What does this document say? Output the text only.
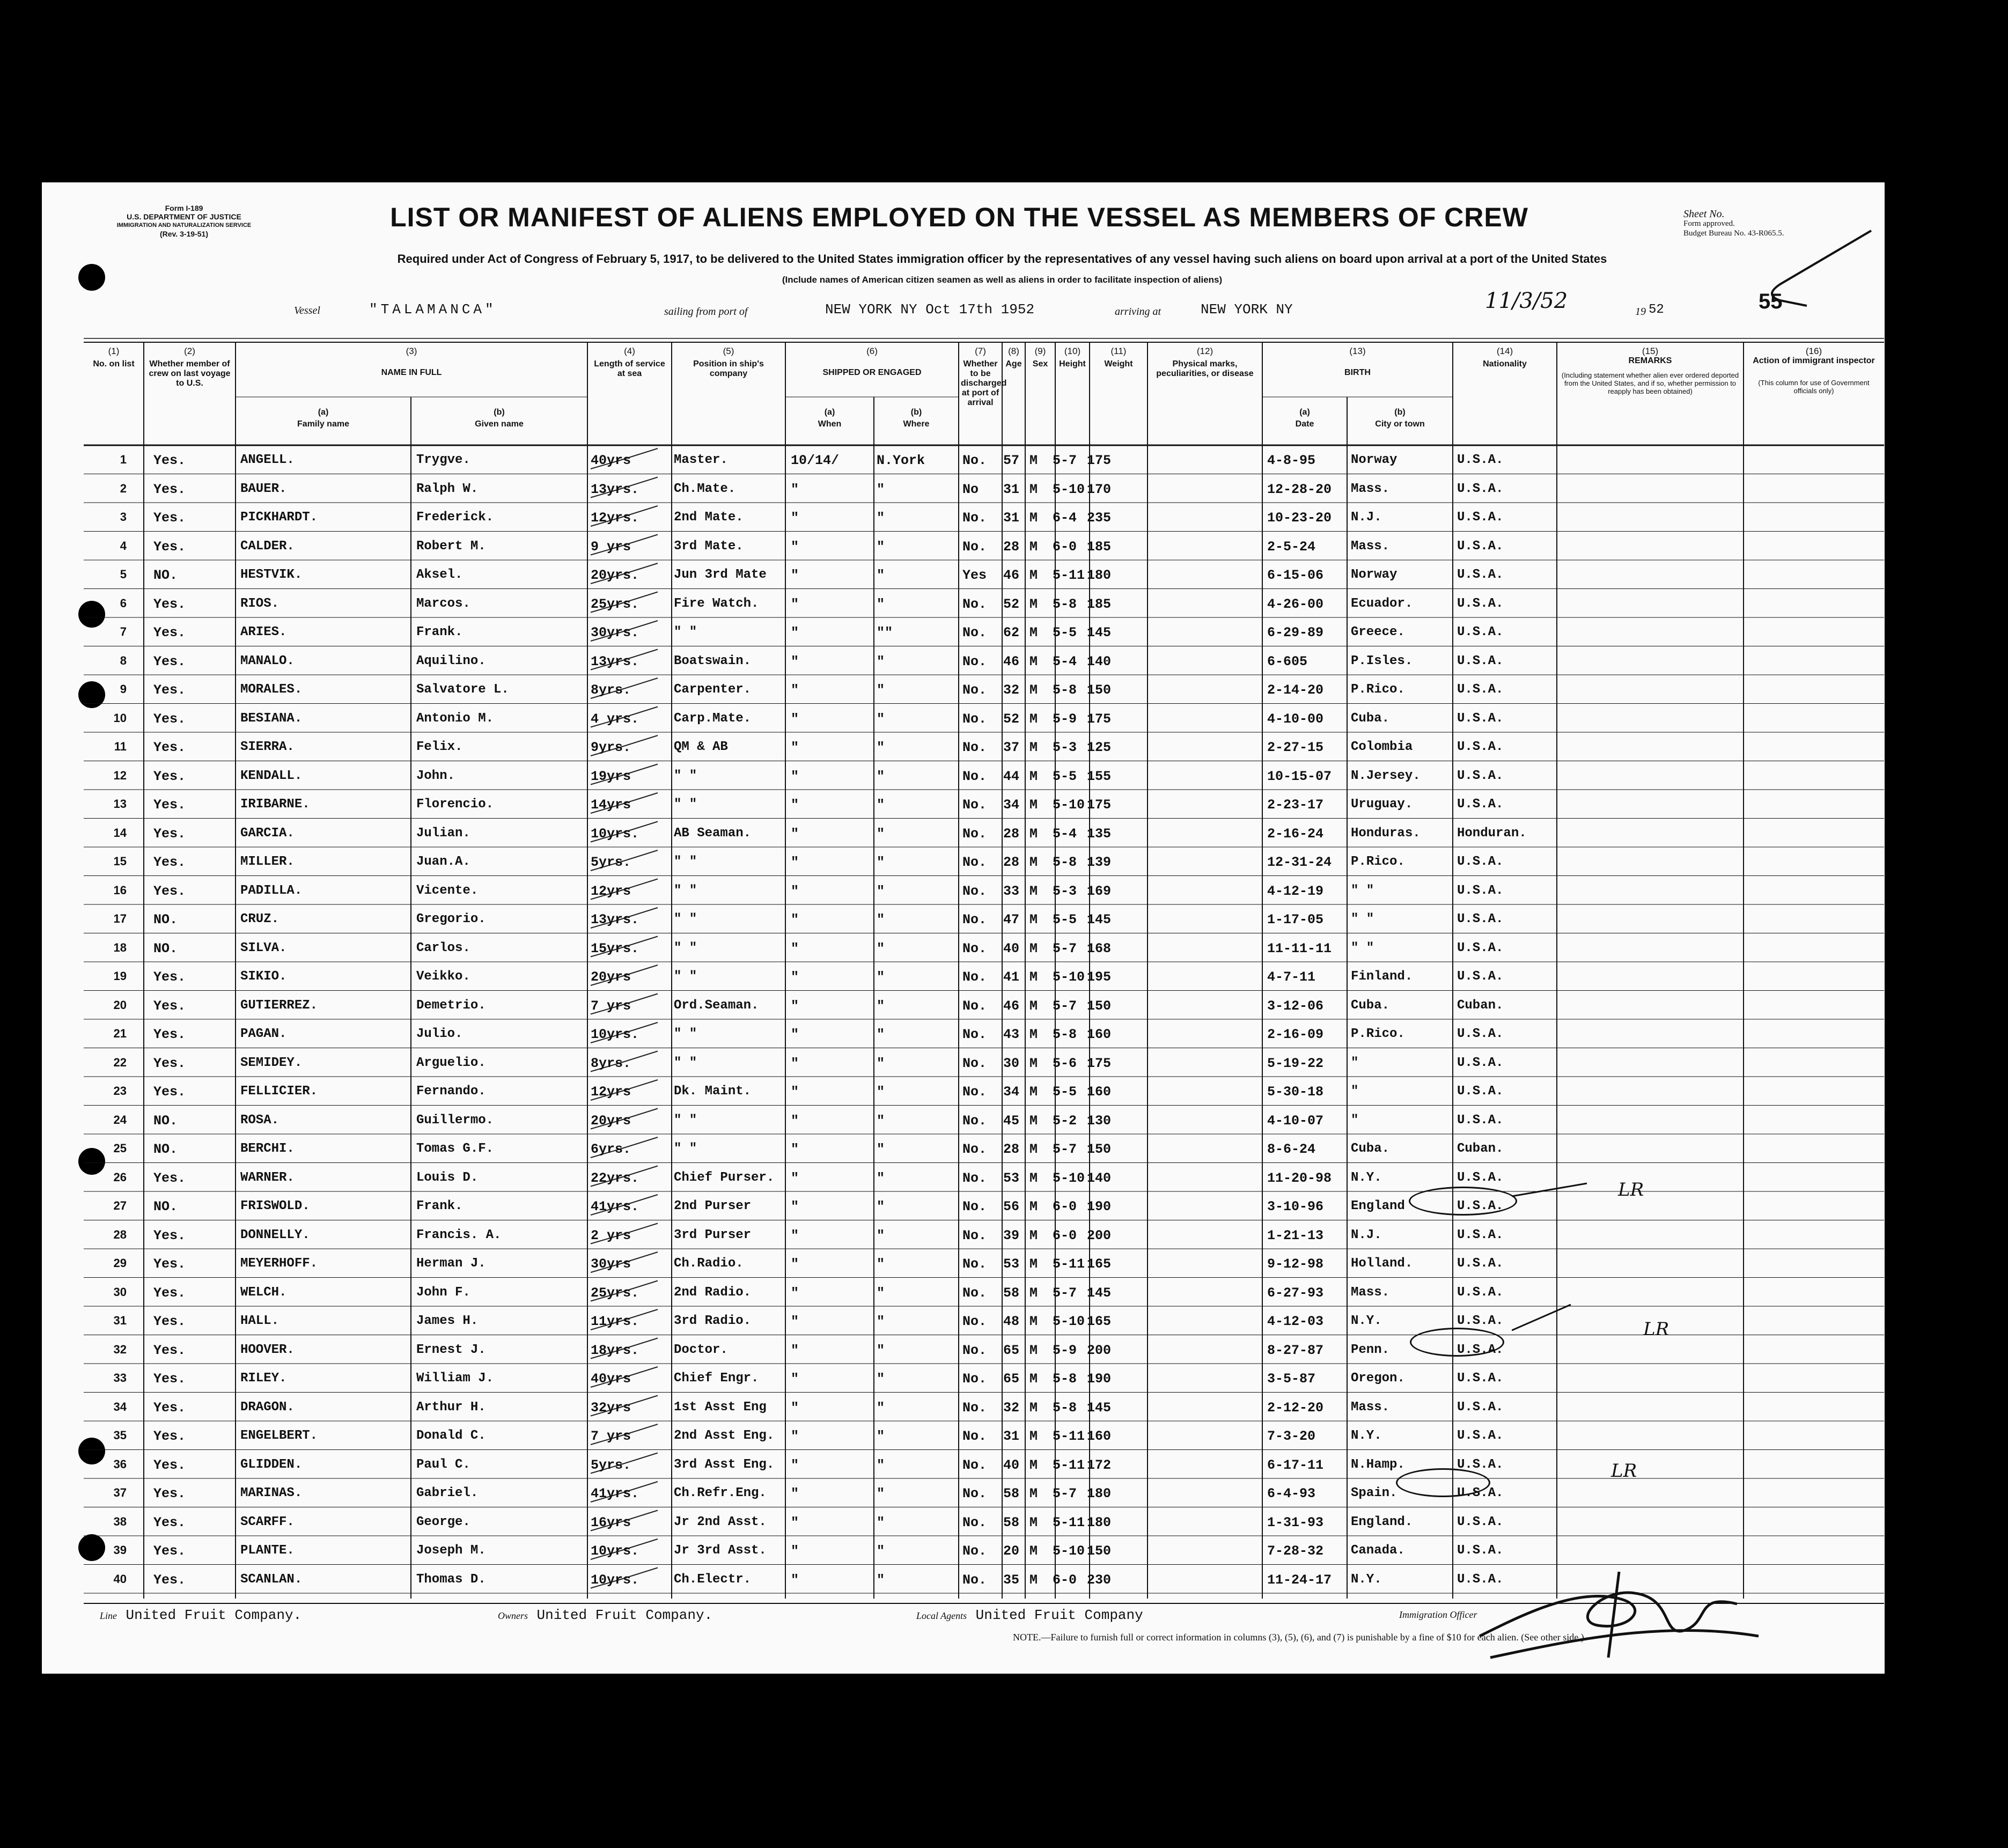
Form I-189
U.S. DEPARTMENT OF JUSTICE
IMMIGRATION AND NATURALIZATION SERVICE
(Rev. 3-19-51)
LIST OR MANIFEST OF ALIENS EMPLOYED ON THE VESSEL AS MEMBERS OF CREW
Required under Act of Congress of February 5, 1917, to be delivered to the United States immigration officer by the representatives of any vessel having such aliens on board upon arrival at a port of the United States
(Include names of American citizen seamen as well as aliens in order to facilitate inspection of aliens)
Sheet No.
Form approved.
Budget Bureau No. 43-R065.5.
55
Vessel	"TALAMANCA"	sailing from port of	NEW YORK NY Oct 17th 1952	arriving at	NEW YORK NY	11/3/52	19 52
(1)
No. on list
(2)
Whether member of crew on last voyage to U.S.
(3)
NAME IN FULL
(a)
Family name
(b)
Given name
(4)
Length of service at sea
(5)
Position in ship's company
(6)
SHIPPED OR ENGAGED
(a)
When
(b)
Where
(7)
Whether to be discharged at port of arrival
(8)
Age
(9)
Sex
(10)
Height
(11)
Weight
(12)
Physical marks, peculiarities, or disease
(13)
BIRTH
(a)
Date
(b)
City or town
(14)
Nationality
(15)
REMARKS
(Including statement whether alien ever ordered deported from the United States, and if so, whether permission to reapply has been obtained)
(16)
Action of immigrant inspector
(This column for use of Government officials only)
1 Yes.	ANGELL.	Trygve.	40yrs	Master.	10/14/	N.York	No. 57 M 5-7 175	4-8-95	Norway	U.S.A.
2 Yes.	BAUER.	Ralph W.	13yrs.	Ch.Mate.	"	"	No 31 M 5-10 170	12-28-20 Mass.	U.S.A.
3 Yes.	PICKHARDT.	Frederick.	12yrs.	2nd Mate.	"	"	No. 31 M 6-4 235	10-23-20 N.J.	U.S.A.
4 Yes.	CALDER.	Robert M.	9 yrs	3rd Mate.	"	"	No. 28 M 6-0 185	2-5-24	Mass.	U.S.A.
5 NO.	HESTVIK.	Aksel.	20yrs.	Jun 3rd Mate "	"	Yes 46 M 5-11 180	6-15-06 Norway	U.S.A.
6 Yes.	RIOS.	Marcos.	25yrs.	Fire Watch. "	"	No. 52 M 5-8 185	4-26-00 Ecuador.	U.S.A.
7 Yes.	ARIES.	Frank.	30yrs.	" "	"	""	No. 62 M 5-5 145	6-29-89 Greece.	U.S.A.
8 Yes.	MANALO.	Aquilino.	13yrs.	Boatswain.	"	"	No. 46 M 5-4 140	6-605	P.Isles.	U.S.A.
9 Yes.	MORALES.	Salvatore L.	8yrs.	Carpenter.	"	"	No. 32 M 5-8 150	2-14-20 P.Rico.	U.S.A.
10 Yes.	BESIANA.	Antonio M.	4 yrs.	Carp.Mate.	"	"	No. 52 M 5-9 175	4-10-00 Cuba.	U.S.A.
11 Yes.	SIERRA.	Felix.	9yrs.	QM & AB	"	"	No. 37 M 5-3 125	2-27-15 Colombia	U.S.A.
12 Yes.	KENDALL.	John.	19yrs	" "	"	"	No. 44 M 5-5 155	10-15-07 N.Jersey.	U.S.A.
13 Yes.	IRIBARNE.	Florencio.	14yrs	" "	"	"	No. 34 M 5-10 175	2-23-17 Uruguay.	U.S.A.
14 Yes.	GARCIA.	Julian.	10yrs.	AB Seaman.	"	"	No. 28 M 5-4 135	2-16-24 Honduras.	Honduran.
15 Yes.	MILLER.	Juan.A.	5yrs.	" "	"	"	No. 28 M 5-8 139	12-31-24 P.Rico.	U.S.A.
16 Yes.	PADILLA.	Vicente.	12yrs	" "	"	"	No. 33 M 5-3 169	4-12-19 " "	U.S.A.
17 NO.	CRUZ.	Gregorio.	13yrs.	" "	"	"	No. 47 M 5-5 145	1-17-05 " "	U.S.A.
18 NO.	SILVA.	Carlos.	15yrs.	" "	"	"	No. 40 M 5-7 168	11-11-11 " "	U.S.A.
19 Yes.	SIKIO.	Veikko.	20yrs	" "	"	"	No. 41 M 5-10 195	4-7-11	Finland.	U.S.A.
20 Yes.	GUTIERREZ.	Demetrio.	7 yrs	Ord.Seaman. "	"	No. 46 M 5-7 150	3-12-06 Cuba.	Cuban.
21 Yes.	PAGAN.	Julio.	10yrs.	" "	"	"	No. 43 M 5-8 160	2-16-09 P.Rico.	U.S.A.
22 Yes.	SEMIDEY.	Arguelio.	8yrs.	" "	"	"	No. 30 M 5-6 175	5-19-22 "	U.S.A.
23 Yes.	FELLICIER.	Fernando.	12yrs	Dk. Maint.	"	"	No. 34 M 5-5 160	5-30-18 "	U.S.A.
24 NO.	ROSA.	Guillermo.	20yrs	" "	"	"	No. 45 M 5-2 130	4-10-07 "	U.S.A.
25 NO.	BERCHI.	Tomas G.F.	6yrs.	" "	"	"	No. 28 M 5-7 150	8-6-24	Cuba.	Cuban.
26 Yes.	WARNER.	Louis D.	22yrs.	Chief Purser. "	"	No. 53 M 5-10 140	11-20-98 N.Y.	U.S.A.
27 NO.	FRISWOLD.	Frank.	41yrs.	2nd Purser	"	"	No. 56 M 6-0 190	3-10-96 England	U.S.A.
28 Yes.	DONNELLY.	Francis. A.	2 yrs	3rd Purser	"	"	No. 39 M 6-0 200	1-21-13 N.J.	U.S.A.
29 Yes.	MEYERHOFF.	Herman J.	30yrs	Ch.Radio.	"	"	No. 53 M 5-11 165	9-12-98 Holland.	U.S.A.
30 Yes.	WELCH.	John F.	25yrs.	2nd Radio.	"	"	No. 58 M 5-7 145	6-27-93 Mass.	U.S.A.
31 Yes.	HALL.	James H.	11yrs.	3rd Radio.	"	"	No. 48 M 5-10 165	4-12-03 N.Y.	U.S.A.
32 Yes.	HOOVER.	Ernest J.	18yrs.	Doctor.	"	"	No. 65 M 5-9 200	8-27-87 Penn.	U.S.A.
33 Yes.	RILEY.	William J.	40yrs	Chief Engr. "	"	No. 65 M 5-8 190	3-5-87	Oregon.	U.S.A.
34 Yes.	DRAGON.	Arthur H.	32yrs	1st Asst Eng "	"	No. 32 M 5-8 145	2-12-20 Mass.	U.S.A.
35 Yes.	ENGELBERT.	Donald C.	7 yrs	2nd Asst Eng. "	"	No. 31 M 5-11 160	7-3-20	N.Y.	U.S.A.
36 Yes.	GLIDDEN.	Paul C.	5yrs.	3rd Asst Eng. "	"	No. 40 M 5-11 172	6-17-11 N.Hamp.	U.S.A.
37 Yes.	MARINAS.	Gabriel.	41yrs.	Ch.Refr.Eng. "	"	No. 58 M 5-7 180	6-4-93	Spain.	U.S.A.
38 Yes.	SCARFF.	George.	16yrs	Jr 2nd Asst. "	"	No. 58 M 5-11 180	1-31-93 England.	U.S.A.
39 Yes.	PLANTE.	Joseph M.	10yrs.	Jr 3rd Asst. "	"	No. 20 M 5-10 150	7-28-32 Canada.	U.S.A.
40 Yes.	SCANLAN.	Thomas D.	10yrs.	Ch.Electr.	"	"	No. 35 M 6-0 230	11-24-17 N.Y.	U.S.A.
LR
LR
LR
Line United Fruit Company.	Owners United Fruit Company.	Local Agents United Fruit Company	Immigration Officer
NOTE.—Failure to furnish full or correct information in columns (3), (5), (6), and (7) is punishable by a fine of $10 for each alien. (See other side.)
